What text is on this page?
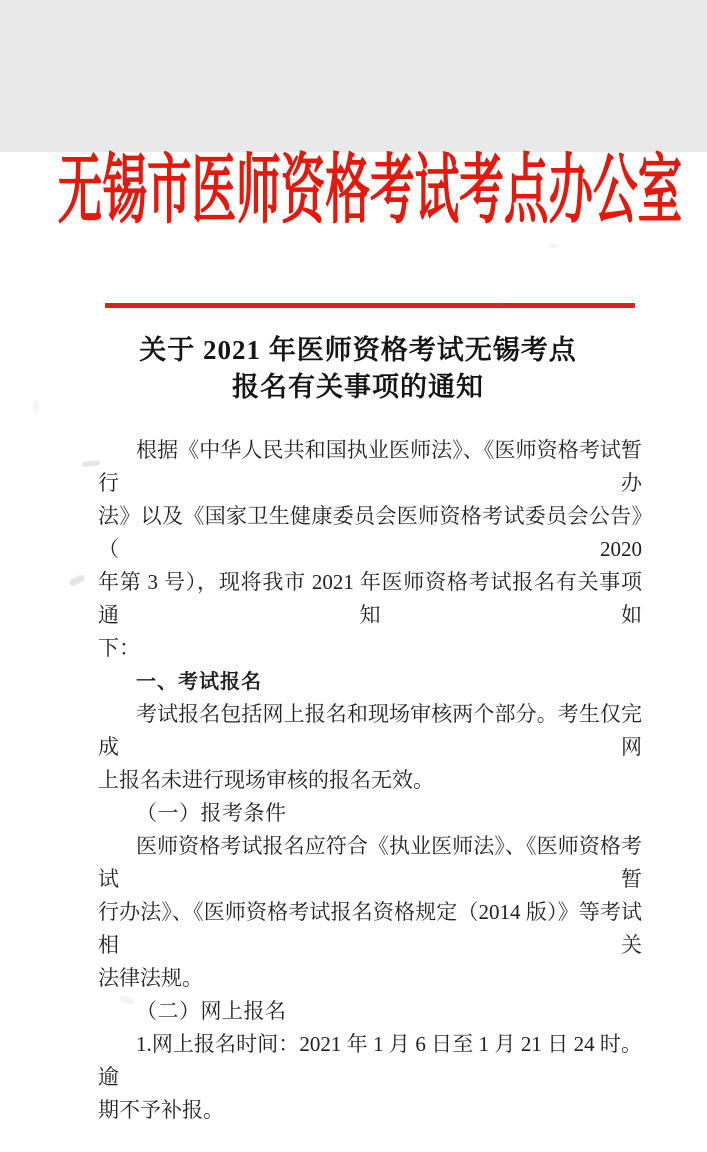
无锡市医师资格考试考点办公室
关于 2021 年医师资格考试无锡考点
报名有关事项的通知
根据《中华人民共和国执业医师法》、《医师资格考试暂行办
法》以及《国家卫生健康委员会医师资格考试委员会公告》（2020
年第 3 号），现将我市 2021 年医师资格考试报名有关事项通知如
下：
一、考试报名
考试报名包括网上报名和现场审核两个部分。考生仅完成网
上报名未进行现场审核的报名无效。
（一）报考条件
医师资格考试报名应符合《执业医师法》、《医师资格考试暂
行办法》、《医师资格考试报名资格规定（2014 版）》等考试相关
法律法规。
（二）网上报名
1.网上报名时间：2021 年 1 月 6 日至 1 月 21 日 24 时。逾
期不予补报。
